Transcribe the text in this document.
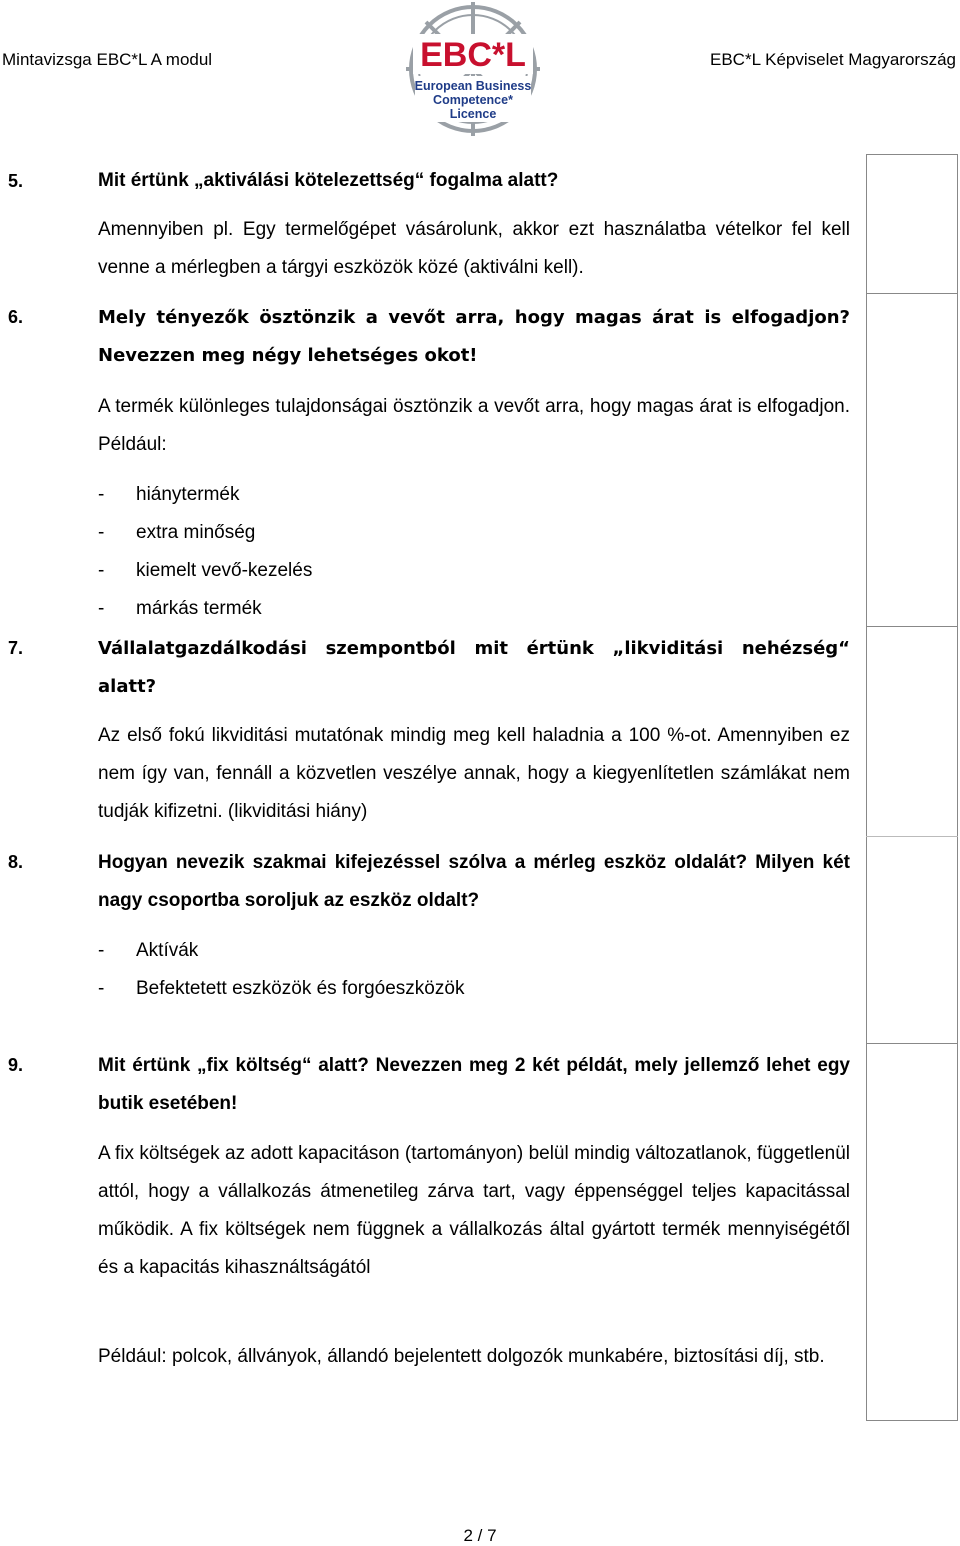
Mintavizsga EBC*L A modul	EBC*L Képviselet Magyarország
EBC*L
European Business
Competence*
Licence
5.	Mit értünk „aktiválási kötelezettség“ fogalma alatt?
Amennyiben pl. Egy termelőgépet vásárolunk, akkor ezt használatba vételkor fel kell venne a mérlegben a tárgyi eszközök közé (aktiválni kell).
6.	Mely tényezők ösztönzik a vevőt arra, hogy magas árat is elfogadjon? Nevezzen meg négy lehetséges okot!
A termék különleges tulajdonságai ösztönzik a vevőt arra, hogy magas árat is elfogadjon. Például:
- hiánytermék
- extra minőség
- kiemelt vevő-kezelés
- márkás termék
7.	Vállalatgazdálkodási szempontból mit értünk „likviditási nehézség“ alatt?
Az első fokú likviditási mutatónak mindig meg kell haladnia a 100 %-ot. Amennyiben ez nem így van, fennáll a közvetlen veszélye annak, hogy a kiegyenlítetlen számlákat nem tudják kifizetni. (likviditási hiány)
8.	Hogyan nevezik szakmai kifejezéssel szólva a mérleg eszköz oldalát? Milyen két nagy csoportba soroljuk az eszköz oldalt?
- Aktívák
- Befektetett eszközök és forgóeszközök
9.	Mit értünk „fix költség“ alatt? Nevezzen meg 2 két példát, mely jellemző lehet egy butik esetében!
A fix költségek az adott kapacitáson (tartományon) belül mindig változatlanok, függetlenül attól, hogy a vállalkozás átmenetileg zárva tart, vagy éppenséggel teljes kapacitással működik. A fix költségek nem függnek a vállalkozás által gyártott termék mennyiségétől és a kapacitás kihasználtságától
Például: polcok, állványok, állandó bejelentett dolgozók munkabére, biztosítási díj, stb.
2 / 7
